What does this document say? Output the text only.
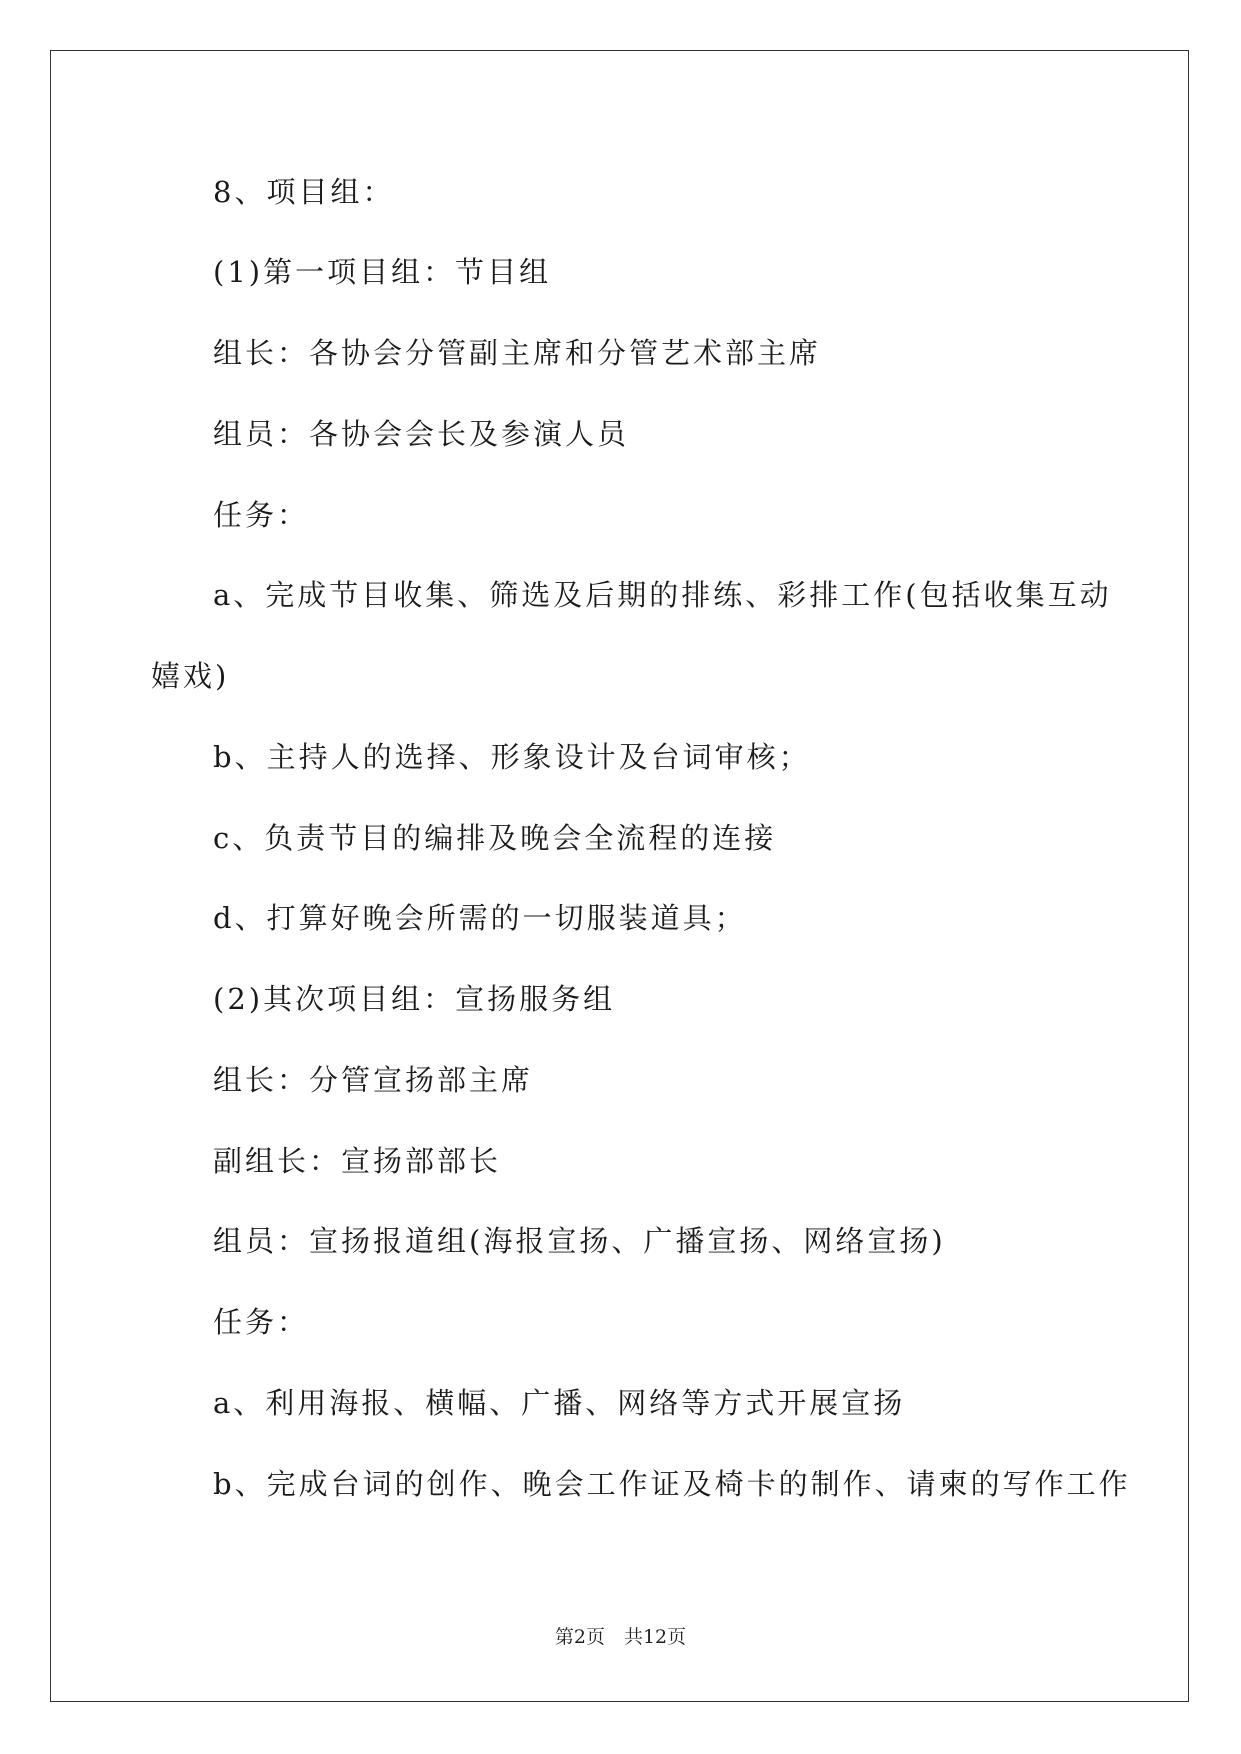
8、项目组：
(1)第一项目组：节目组
组长：各协会分管副主席和分管艺术部主席
组员：各协会会长及参演人员
任务：
a、完成节目收集、筛选及后期的排练、彩排工作(包括收集互动
嬉戏)
b、主持人的选择、形象设计及台词审核；
c、负责节目的编排及晚会全流程的连接
d、打算好晚会所需的一切服装道具；
(2)其次项目组：宣扬服务组
组长：分管宣扬部主席
副组长：宣扬部部长
组员：宣扬报道组(海报宣扬、广播宣扬、网络宣扬)
任务：
a、利用海报、横幅、广播、网络等方式开展宣扬
b、完成台词的创作、晚会工作证及椅卡的制作、请柬的写作工作
第2页　共12页
